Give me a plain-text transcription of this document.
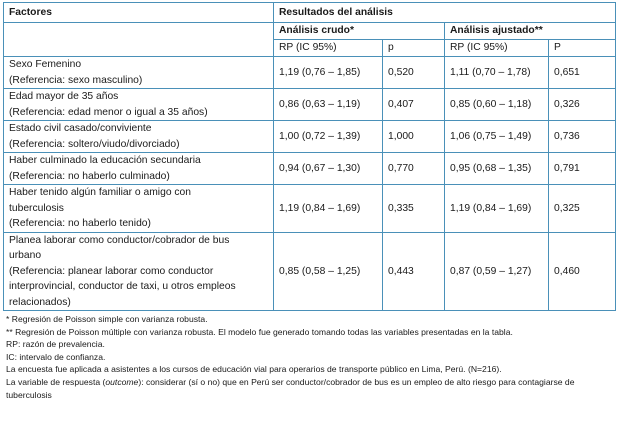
Factores	Resultados del análisis			
	Análisis crudo*		Análisis ajustado**	
	RP (IC 95%)	p	RP (IC 95%)	P

Sexo Femenino
(Referencia: sexo masculino)	1,19 (0,76 – 1,85)	0,520	1,11 (0,70 – 1,78)	0,651

Edad mayor de 35 años
(Referencia: edad menor o igual a 35 años)	0,86 (0,63 – 1,19)	0,407	0,85 (0,60 – 1,18)	0,326

Estado civil casado/conviviente
(Referencia: soltero/viudo/divorciado)	1,00 (0,72 – 1,39)	1,000	1,06 (0,75 – 1,49)	0,736

Haber culminado la educación secundaria
(Referencia: no haberlo culminado)	0,94 (0,67 – 1,30)	0,770	0,95 (0,68 – 1,35)	0,791

Haber tenido algún familiar o amigo con
tuberculosis
(Referencia: no haberlo tenido)	1,19 (0,84 – 1,69)	0,335	1,19 (0,84 – 1,69)	0,325

Planea laborar como conductor/cobrador de bus
urbano
(Referencia: planear laborar como conductor
interprovincial, conductor de taxi, u otros empleos
relacionados)	0,85 (0,58 – 1,25)	0,443	0,87 (0,59 – 1,27)	0,460
* Regresión de Poisson simple con varianza robusta.
** Regresión de Poisson múltiple con varianza robusta. El modelo fue generado tomando todas las variables presentadas en la tabla.
RP: razón de prevalencia.
IC: intervalo de confianza.
La encuesta fue aplicada a asistentes a los cursos de educación vial para operarios de transporte público en Lima, Perú. (N=216).
La variable de respuesta (outcome): considerar (sí o no) que en Perú ser conductor/cobrador de bus es un empleo de alto riesgo para contagiarse de tuberculosis
